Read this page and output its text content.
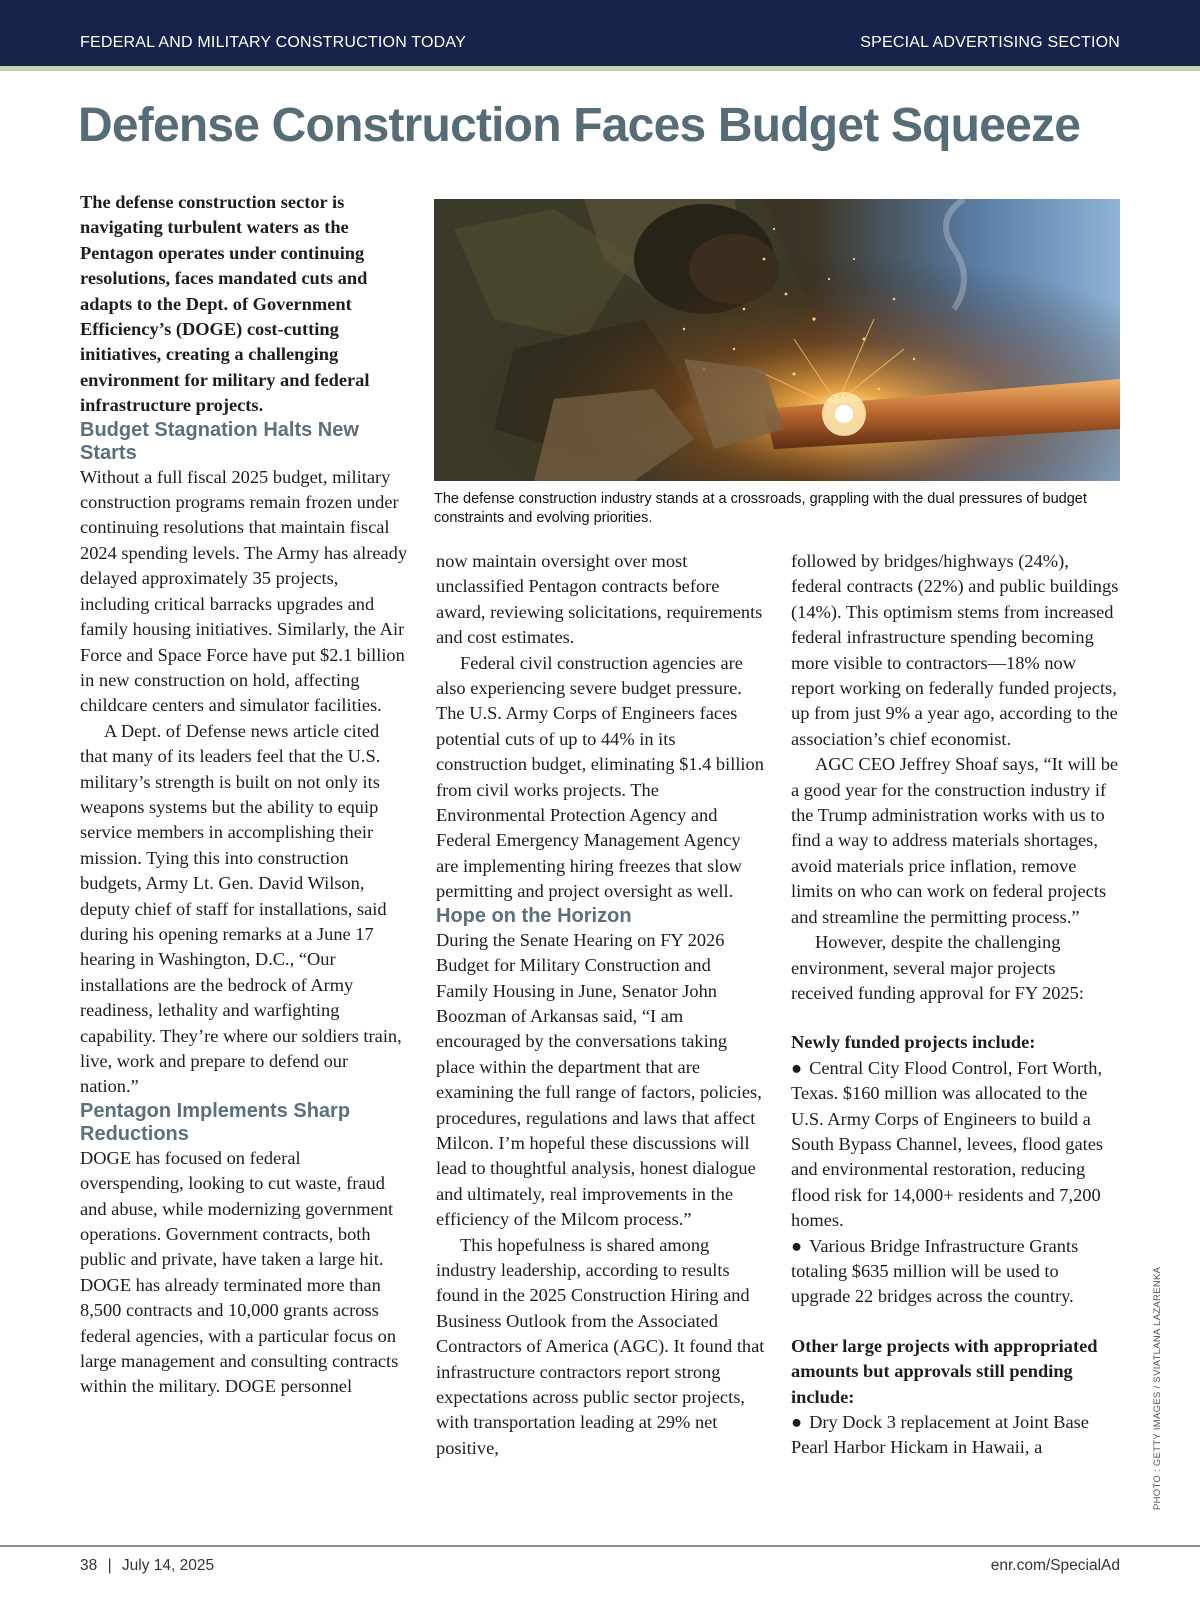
FEDERAL AND MILITARY CONSTRUCTION TODAY	SPECIAL ADVERTISING SECTION
Defense Construction Faces Budget Squeeze

The defense construction sector is navigating turbulent waters as the Pentagon operates under continuing resolutions, faces mandated cuts and adapts to the Dept. of Government Efficiency’s (DOGE) cost-cutting initiatives, creating a challenging environment for military and federal infrastructure projects.

Budget Stagnation Halts New Starts

Without a full fiscal 2025 budget, military construction programs remain frozen under continuing resolutions that maintain fiscal 2024 spending levels. The Army has already delayed approximately 35 projects, including critical barracks upgrades and family housing initiatives. Similarly, the Air Force and Space Force have put $2.1 billion in new construction on hold, affecting childcare centers and simulator facilities.

A Dept. of Defense news article cited that many of its leaders feel that the U.S. military’s strength is built on not only its weapons systems but the ability to equip service members in accomplishing their mission. Tying this into construction budgets, Army Lt. Gen. David Wilson, deputy chief of staff for installations, said during his opening remarks at a June 17 hearing in Washington, D.C., “Our installations are the bedrock of Army readiness, lethality and warfighting capability. They’re where our soldiers train, live, work and prepare to defend our nation.”

Pentagon Implements Sharp Reductions

DOGE has focused on federal overspending, looking to cut waste, fraud and abuse, while modernizing government operations. Government contracts, both public and private, have taken a large hit. DOGE has already terminated more than 8,500 contracts and 10,000 grants across federal agencies, with a particular focus on large management and consulting contracts within the military. DOGE personnel

The defense construction industry stands at a crossroads, grappling with the dual pressures of budget constraints and evolving priorities.

now maintain oversight over most unclassified Pentagon contracts before award, reviewing solicitations, requirements and cost estimates.

Federal civil construction agencies are also experiencing severe budget pressure. The U.S. Army Corps of Engineers faces potential cuts of up to 44% in its construction budget, eliminating $1.4 billion from civil works projects. The Environmental Protection Agency and Federal Emergency Management Agency are implementing hiring freezes that slow permitting and project oversight as well.

Hope on the Horizon

During the Senate Hearing on FY 2026 Budget for Military Construction and Family Housing in June, Senator John Boozman of Arkansas said, “I am encouraged by the conversations taking place within the department that are examining the full range of factors, policies, procedures, regulations and laws that affect Milcon. I’m hopeful these discussions will lead to thoughtful analysis, honest dialogue and ultimately, real improvements in the efficiency of the Milcom process.”

This hopefulness is shared among industry leadership, according to results found in the 2025 Construction Hiring and Business Outlook from the Associated Contractors of America (AGC). It found that infrastructure contractors report strong expectations across public sector projects, with transportation leading at 29% net positive,

followed by bridges/highways (24%), federal contracts (22%) and public buildings (14%). This optimism stems from increased federal infrastructure spending becoming more visible to contractors—18% now report working on federally funded projects, up from just 9% a year ago, according to the association’s chief economist.

AGC CEO Jeffrey Shoaf says, “It will be a good year for the construction industry if the Trump administration works with us to find a way to address materials shortages, avoid materials price inflation, remove limits on who can work on federal projects and streamline the permitting process.”

However, despite the challenging environment, several major projects received funding approval for FY 2025:

Newly funded projects include:

● Central City Flood Control, Fort Worth, Texas. $160 million was allocated to the U.S. Army Corps of Engineers to build a South Bypass Channel, levees, flood gates and environmental restoration, reducing flood risk for 14,000+ residents and 7,200 homes.

● Various Bridge Infrastructure Grants totaling $635 million will be used to upgrade 22 bridges across the country.

Other large projects with appropriated amounts but approvals still pending include:

● Dry Dock 3 replacement at Joint Base Pearl Harbor Hickam in Hawaii, a	PHOTO : GETTY IMAGES / SVIATLANA LAZARENKA
38 | July 14, 2025	enr.com/SpecialAd
